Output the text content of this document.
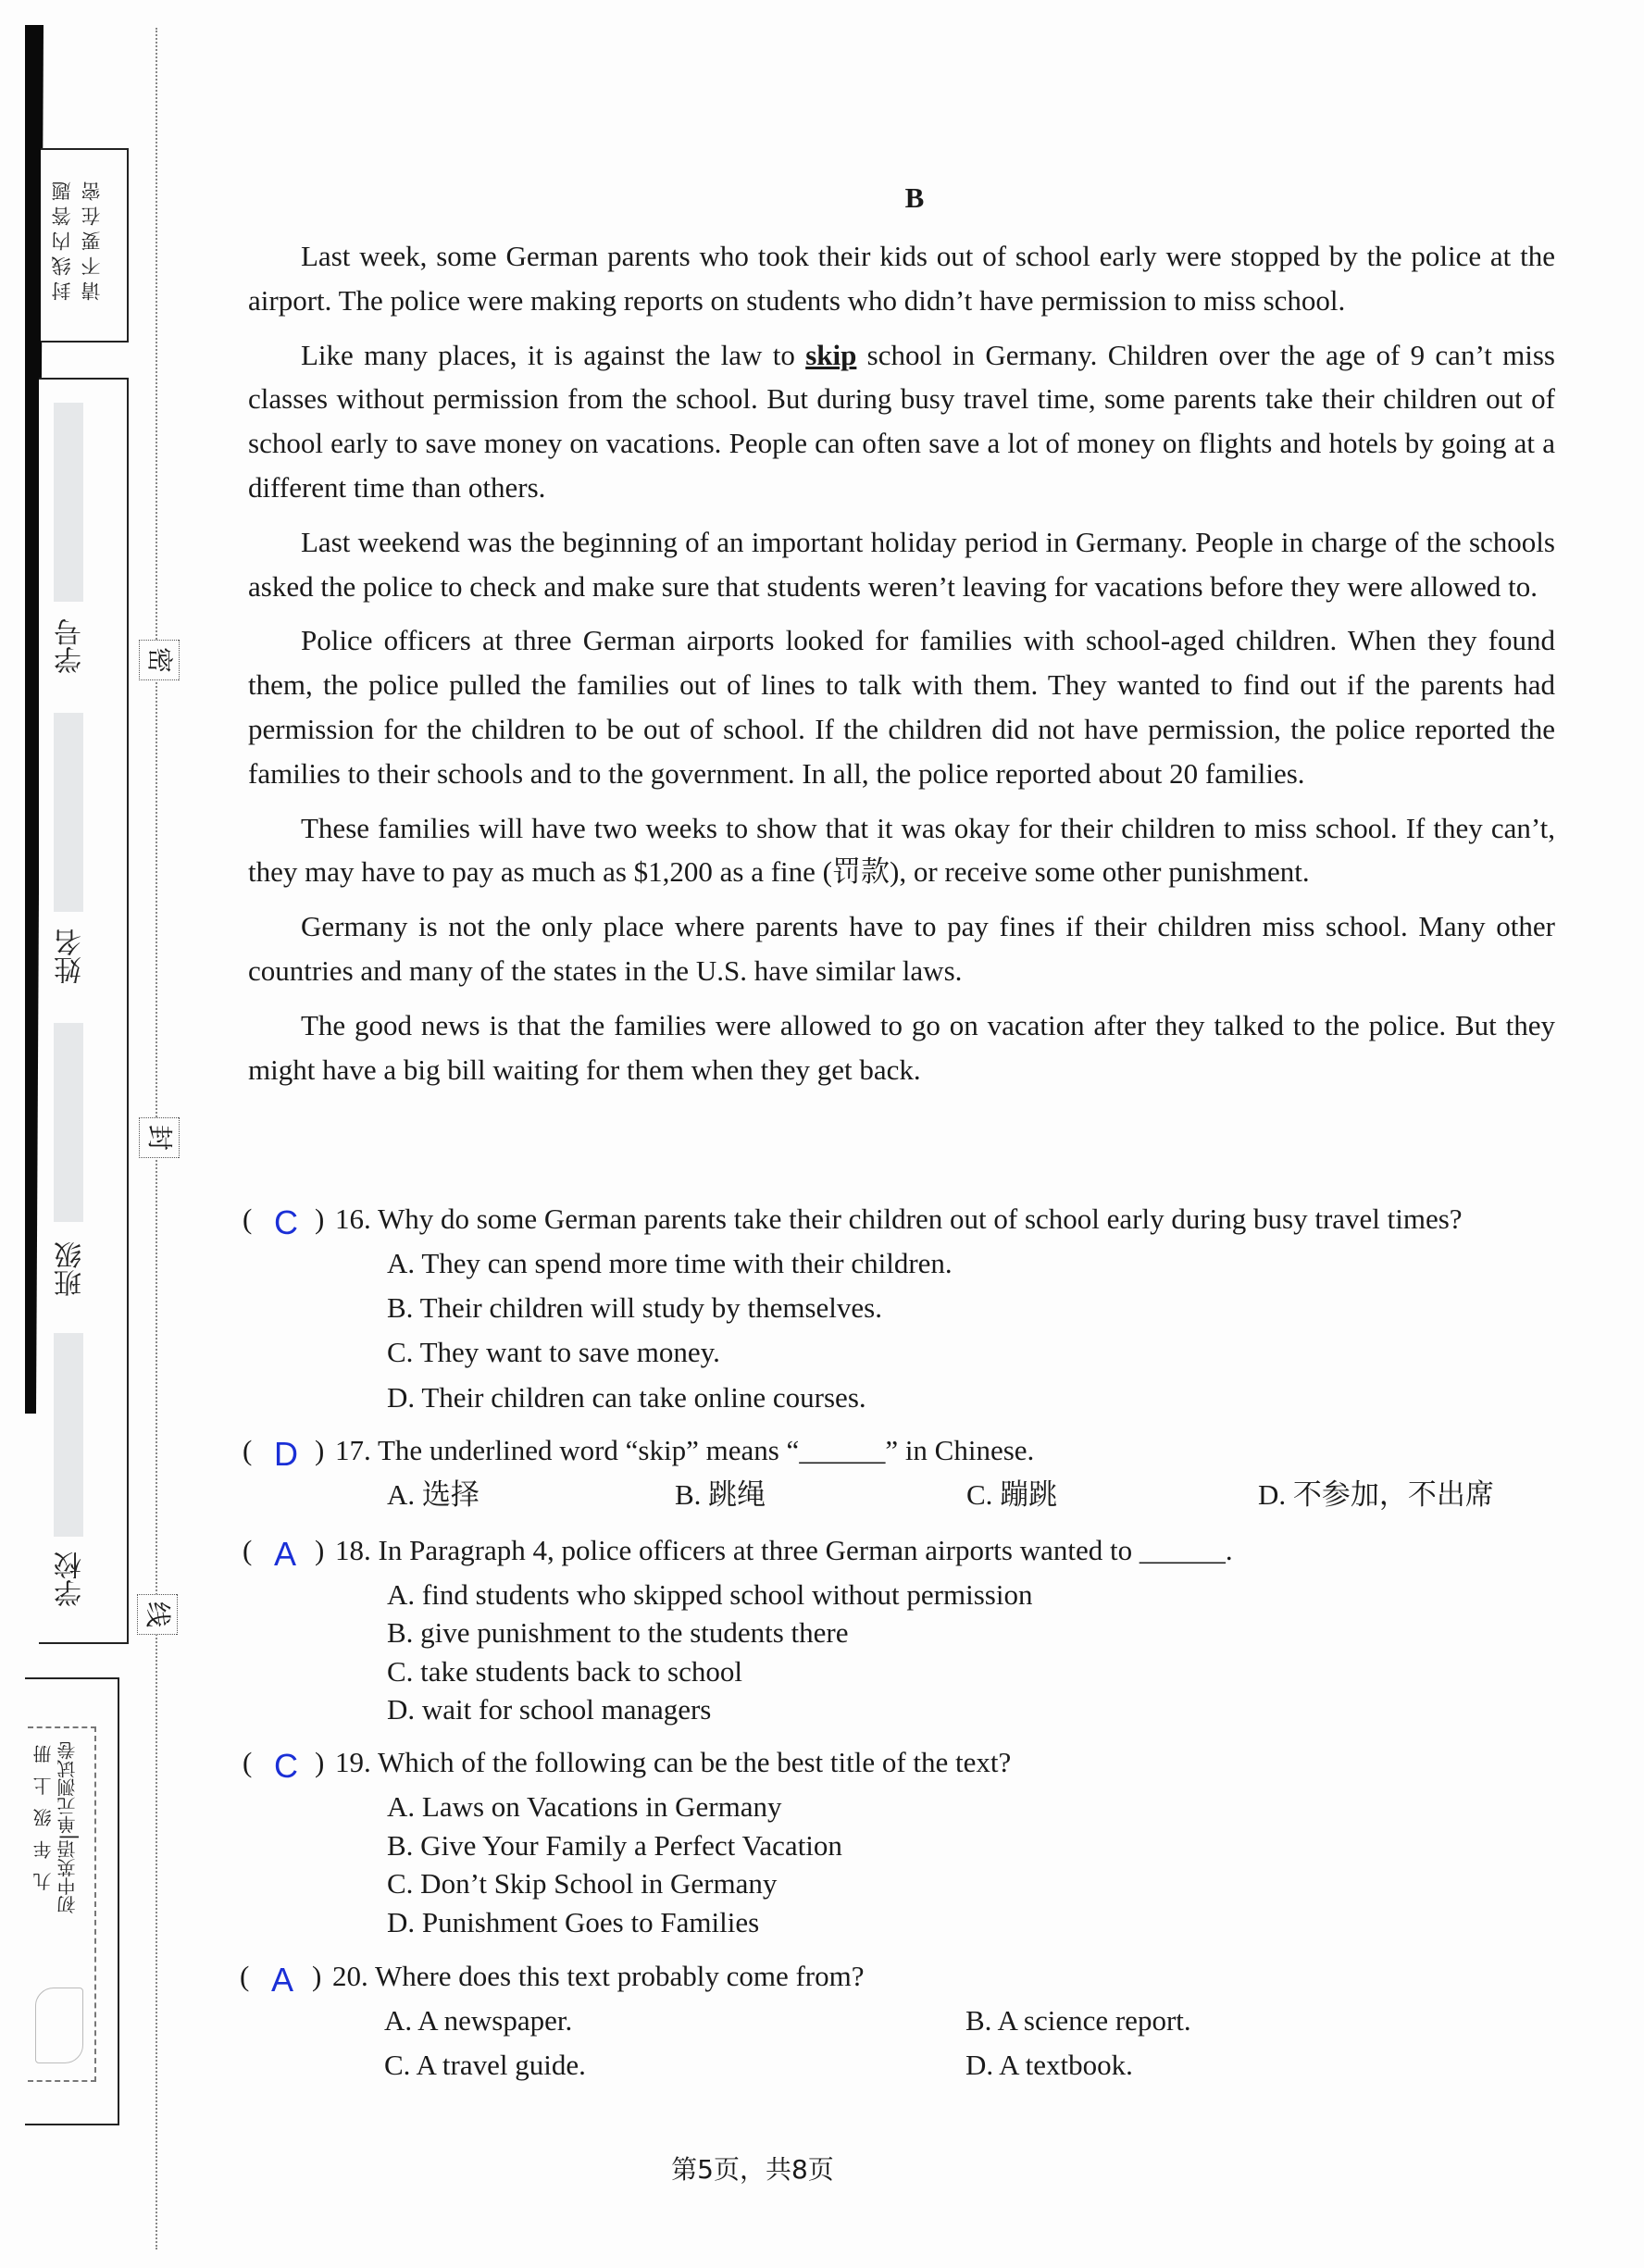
请不要在密
封线内答题
学号
姓名
班级
学校
初中英语|单元测试卷
九 年 级 上 册
密
封
线
B

Last week, some German parents who took their kids out of school early were stopped by the police at the airport. The police were making reports on students who didn’t have permission to miss school.

Like many places, it is against the law to skip school in Germany. Children over the age of 9 can’t miss classes without permission from the school. But during busy travel time, some parents take their children out of school early to save money on vacations. People can often save a lot of money on flights and hotels by going at a different time than others.

Last weekend was the beginning of an important holiday period in Germany. People in charge of the schools asked the police to check and make sure that students weren’t leaving for vacations before they were allowed to.

Police officers at three German airports looked for families with school-aged children. When they found them, the police pulled the families out of lines to talk with them. They wanted to find out if the parents had permission for the children to be out of school. If the children did not have permission, the police reported the families to their schools and to the government. In all, the police reported about 20 families.

These families will have two weeks to show that it was okay for their children to miss school. If they can’t, they may have to pay as much as $1,200 as a fine (罚款), or receive some other punishment.

Germany is not the only place where parents have to pay fines if their children miss school. Many other countries and many of the states in the U.S. have similar laws.

The good news is that the families were allowed to go on vacation after they talked to the police. But they might have a big bill waiting for them when they get back.

( C ) 16. Why do some German parents take their children out of school early during busy travel times?
A. They can spend more time with their children.
B. Their children will study by themselves.
C. They want to save money.
D. Their children can take online courses.
( D ) 17. The underlined word “skip” means “______” in Chinese.
A. 选择	B. 跳绳	C. 蹦跳	D. 不参加，不出席
( A ) 18. In Paragraph 4, police officers at three German airports wanted to ______.
A. find students who skipped school without permission
B. give punishment to the students there
C. take students back to school
D. wait for school managers
( C ) 19. Which of the following can be the best title of the text?
A. Laws on Vacations in Germany
B. Give Your Family a Perfect Vacation
C. Don’t Skip School in Germany
D. Punishment Goes to Families
( A ) 20. Where does this text probably come from?
A. A newspaper.	B. A science report.
C. A travel guide.	D. A textbook.
第5页，共8页
